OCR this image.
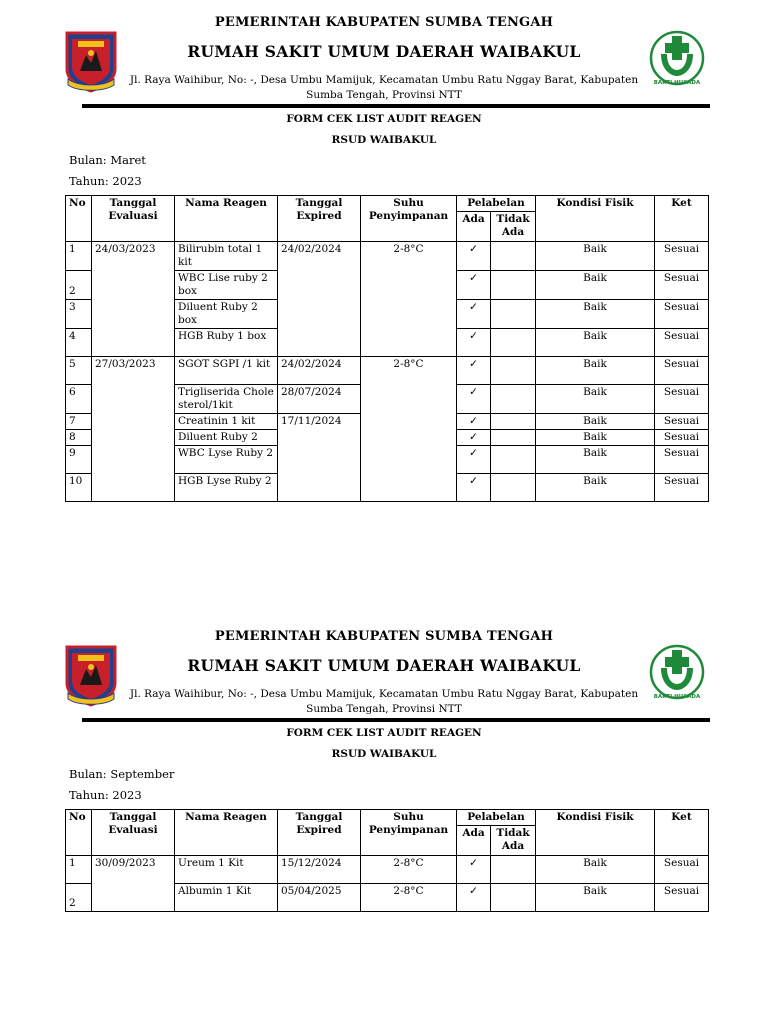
PEMERINTAH KABUPATEN SUMBA TENGAH
RUMAH SAKIT UMUM DAERAH WAIBAKUL
Jl. Raya Waihibur, No: -, Desa Umbu Mamijuk, Kecamatan Umbu Ratu Nggay Barat, Kabupaten
Sumba Tengah, Provinsi NTT
BAKTI HUSADA
FORM CEK LIST AUDIT REAGEN
RSUD WAIBAKUL
Bulan: Maret
Tahun: 2023
No	Tanggal Evaluasi	Nama Reagen	Tanggal Expired	Suhu Penyimpanan	Pelabelan		Kondisi Fisik	Ket
					Ada	Tidak Ada		
1	24/03/2023	Bilirubin total 1 kit	24/02/2024	2-8°C	✓		Baik	Sesuai
2		WBC Lise ruby 2 box			✓		Baik	Sesuai
3		Diluent Ruby 2 box			✓		Baik	Sesuai
4		HGB Ruby 1 box			✓		Baik	Sesuai
5	27/03/2023	SGOT SGPI /1 kit	24/02/2024	2-8°C	✓		Baik	Sesuai
6		Trigliserida Cholesterol/1kit	28/07/2024		✓		Baik	Sesuai
7		Creatinin 1 kit	17/11/2024		✓		Baik	Sesuai
8		Diluent Ruby 2			✓		Baik	Sesuai
9		WBC Lyse Ruby 2			✓		Baik	Sesuai
10		HGB Lyse Ruby 2			✓		Baik	Sesuai
PEMERINTAH KABUPATEN SUMBA TENGAH
RUMAH SAKIT UMUM DAERAH WAIBAKUL
Jl. Raya Waihibur, No: -, Desa Umbu Mamijuk, Kecamatan Umbu Ratu Nggay Barat, Kabupaten
Sumba Tengah, Provinsi NTT
BAKTI HUSADA
FORM CEK LIST AUDIT REAGEN
RSUD WAIBAKUL
Bulan: September
Tahun: 2023
No	Tanggal Evaluasi	Nama Reagen	Tanggal Expired	Suhu Penyimpanan	Pelabelan		Kondisi Fisik	Ket
					Ada	Tidak Ada		
1	30/09/2023	Ureum 1 Kit	15/12/2024	2-8°C	✓		Baik	Sesuai
2		Albumin 1 Kit	05/04/2025	2-8°C	✓		Baik	Sesuai
